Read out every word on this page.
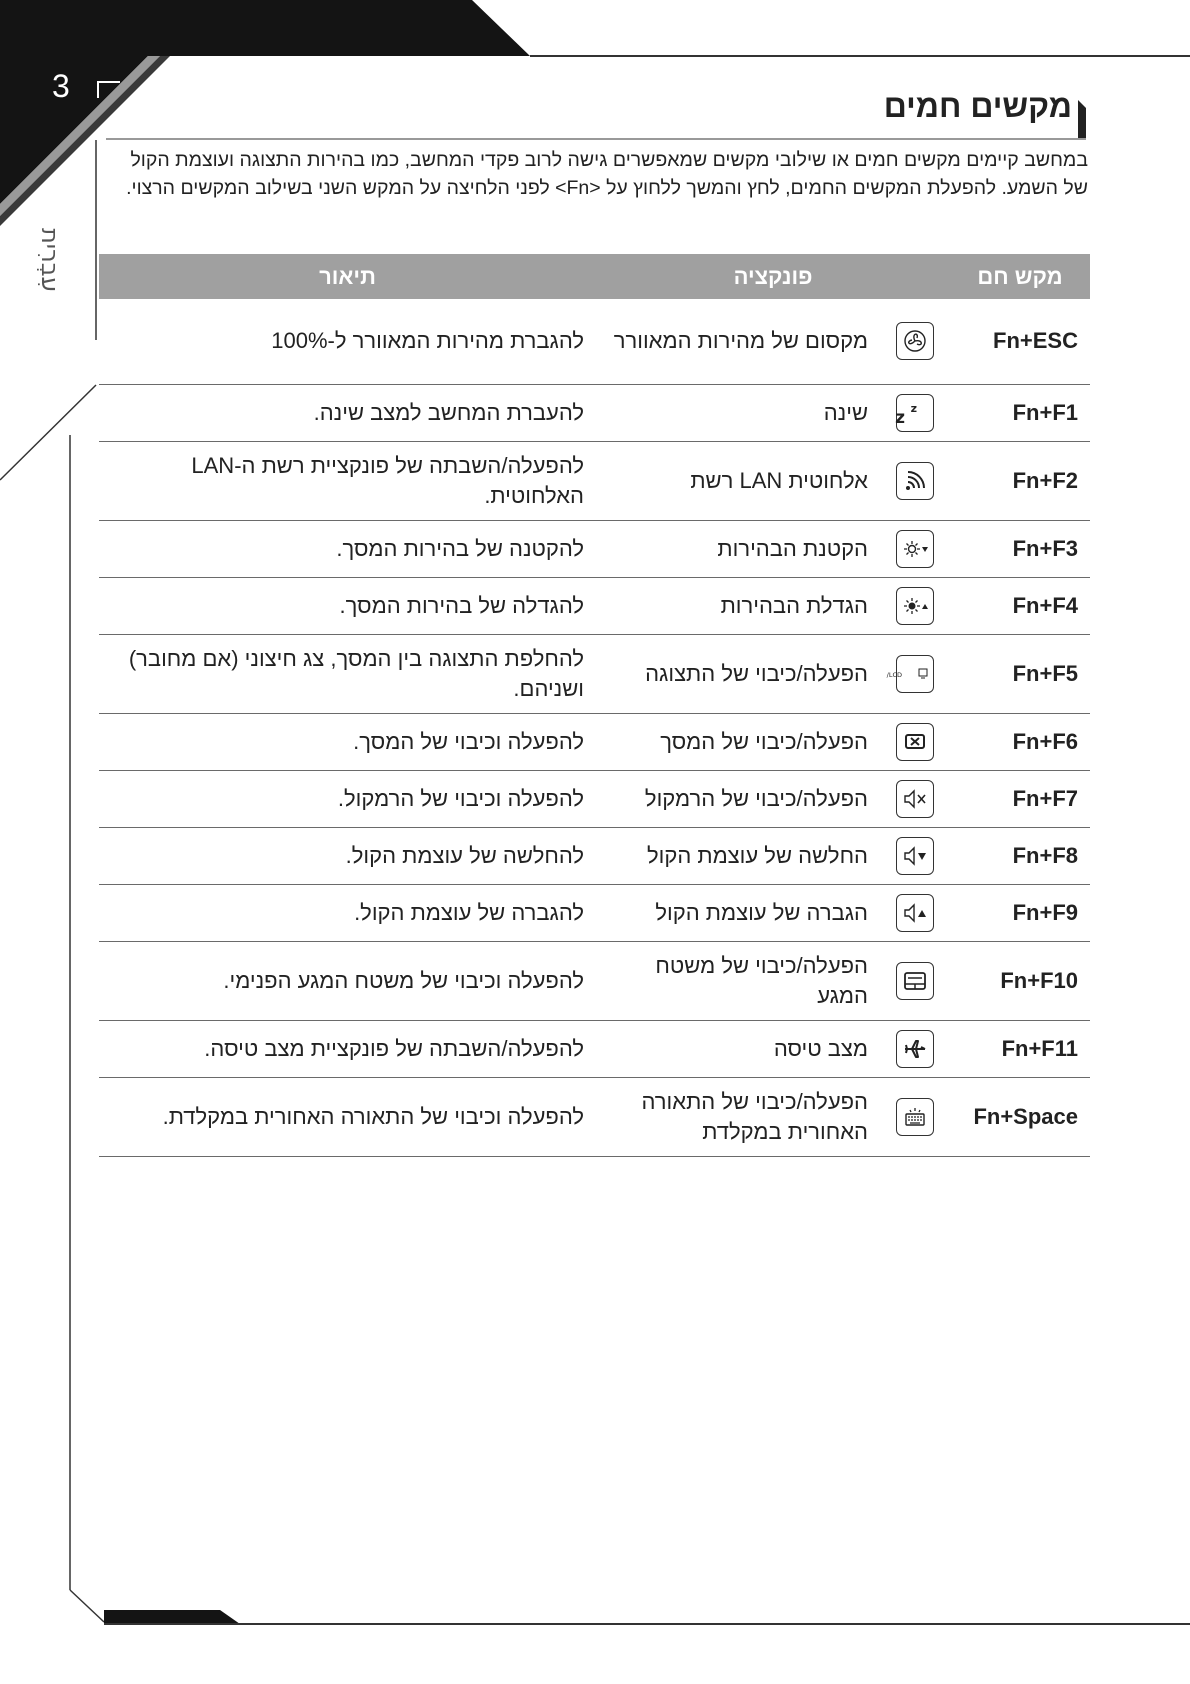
3
עִבְרִית
מקשים חמים
במחשב קיימים מקשים חמים או שילובי מקשים שמאפשרים גישה לרוב פקדי המחשב, כמו בהירות התצוגה ועוצמת הקול של השמע. להפעלת המקשים החמים, לחץ והמשך ללחוץ על <Fn> לפני הלחיצה על המקש השני בשילוב המקשים הרצוי.
מקש חם	פונקציה		תיאור
Fn+ESC		מקסום של מהירות המאוורר	להגברת מהירות המאוורר ל-100%
Fn+F1	z z	שינה	להעברת המחשב למצב שינה.
Fn+F2		אלחוטית LAN רשת	להפעלה/השבתה של פונקציית רשת ה-LAN האלחוטית.
Fn+F3		הקטנת הבהירות	להקטנה של בהירות המסך.
Fn+F4		הגדלת הבהירות	להגדלה של בהירות המסך.
Fn+F5	LCD/	הפעלה/כיבוי של התצוגה	להחלפת התצוגה בין המסך, צג חיצוני (אם מחובר) ושניהם.
Fn+F6		הפעלה/כיבוי של המסך	להפעלה וכיבוי של המסך.
Fn+F7		הפעלה/כיבוי של הרמקול	להפעלה וכיבוי של הרמקול.
Fn+F8		החלשה של עוצמת הקול	להחלשה של עוצמת הקול.
Fn+F9		הגברה של עוצמת הקול	להגברה של עוצמת הקול.
Fn+F10		הפעלה/כיבוי של משטח המגע	להפעלה וכיבוי של משטח המגע הפנימי.
Fn+F11		מצב טיסה	להפעלה/השבתה של פונקציית מצב טיסה.
Fn+Space		הפעלה/כיבוי של התאורה האחורית במקלדת	להפעלה וכיבוי של התאורה האחורית במקלדת.
